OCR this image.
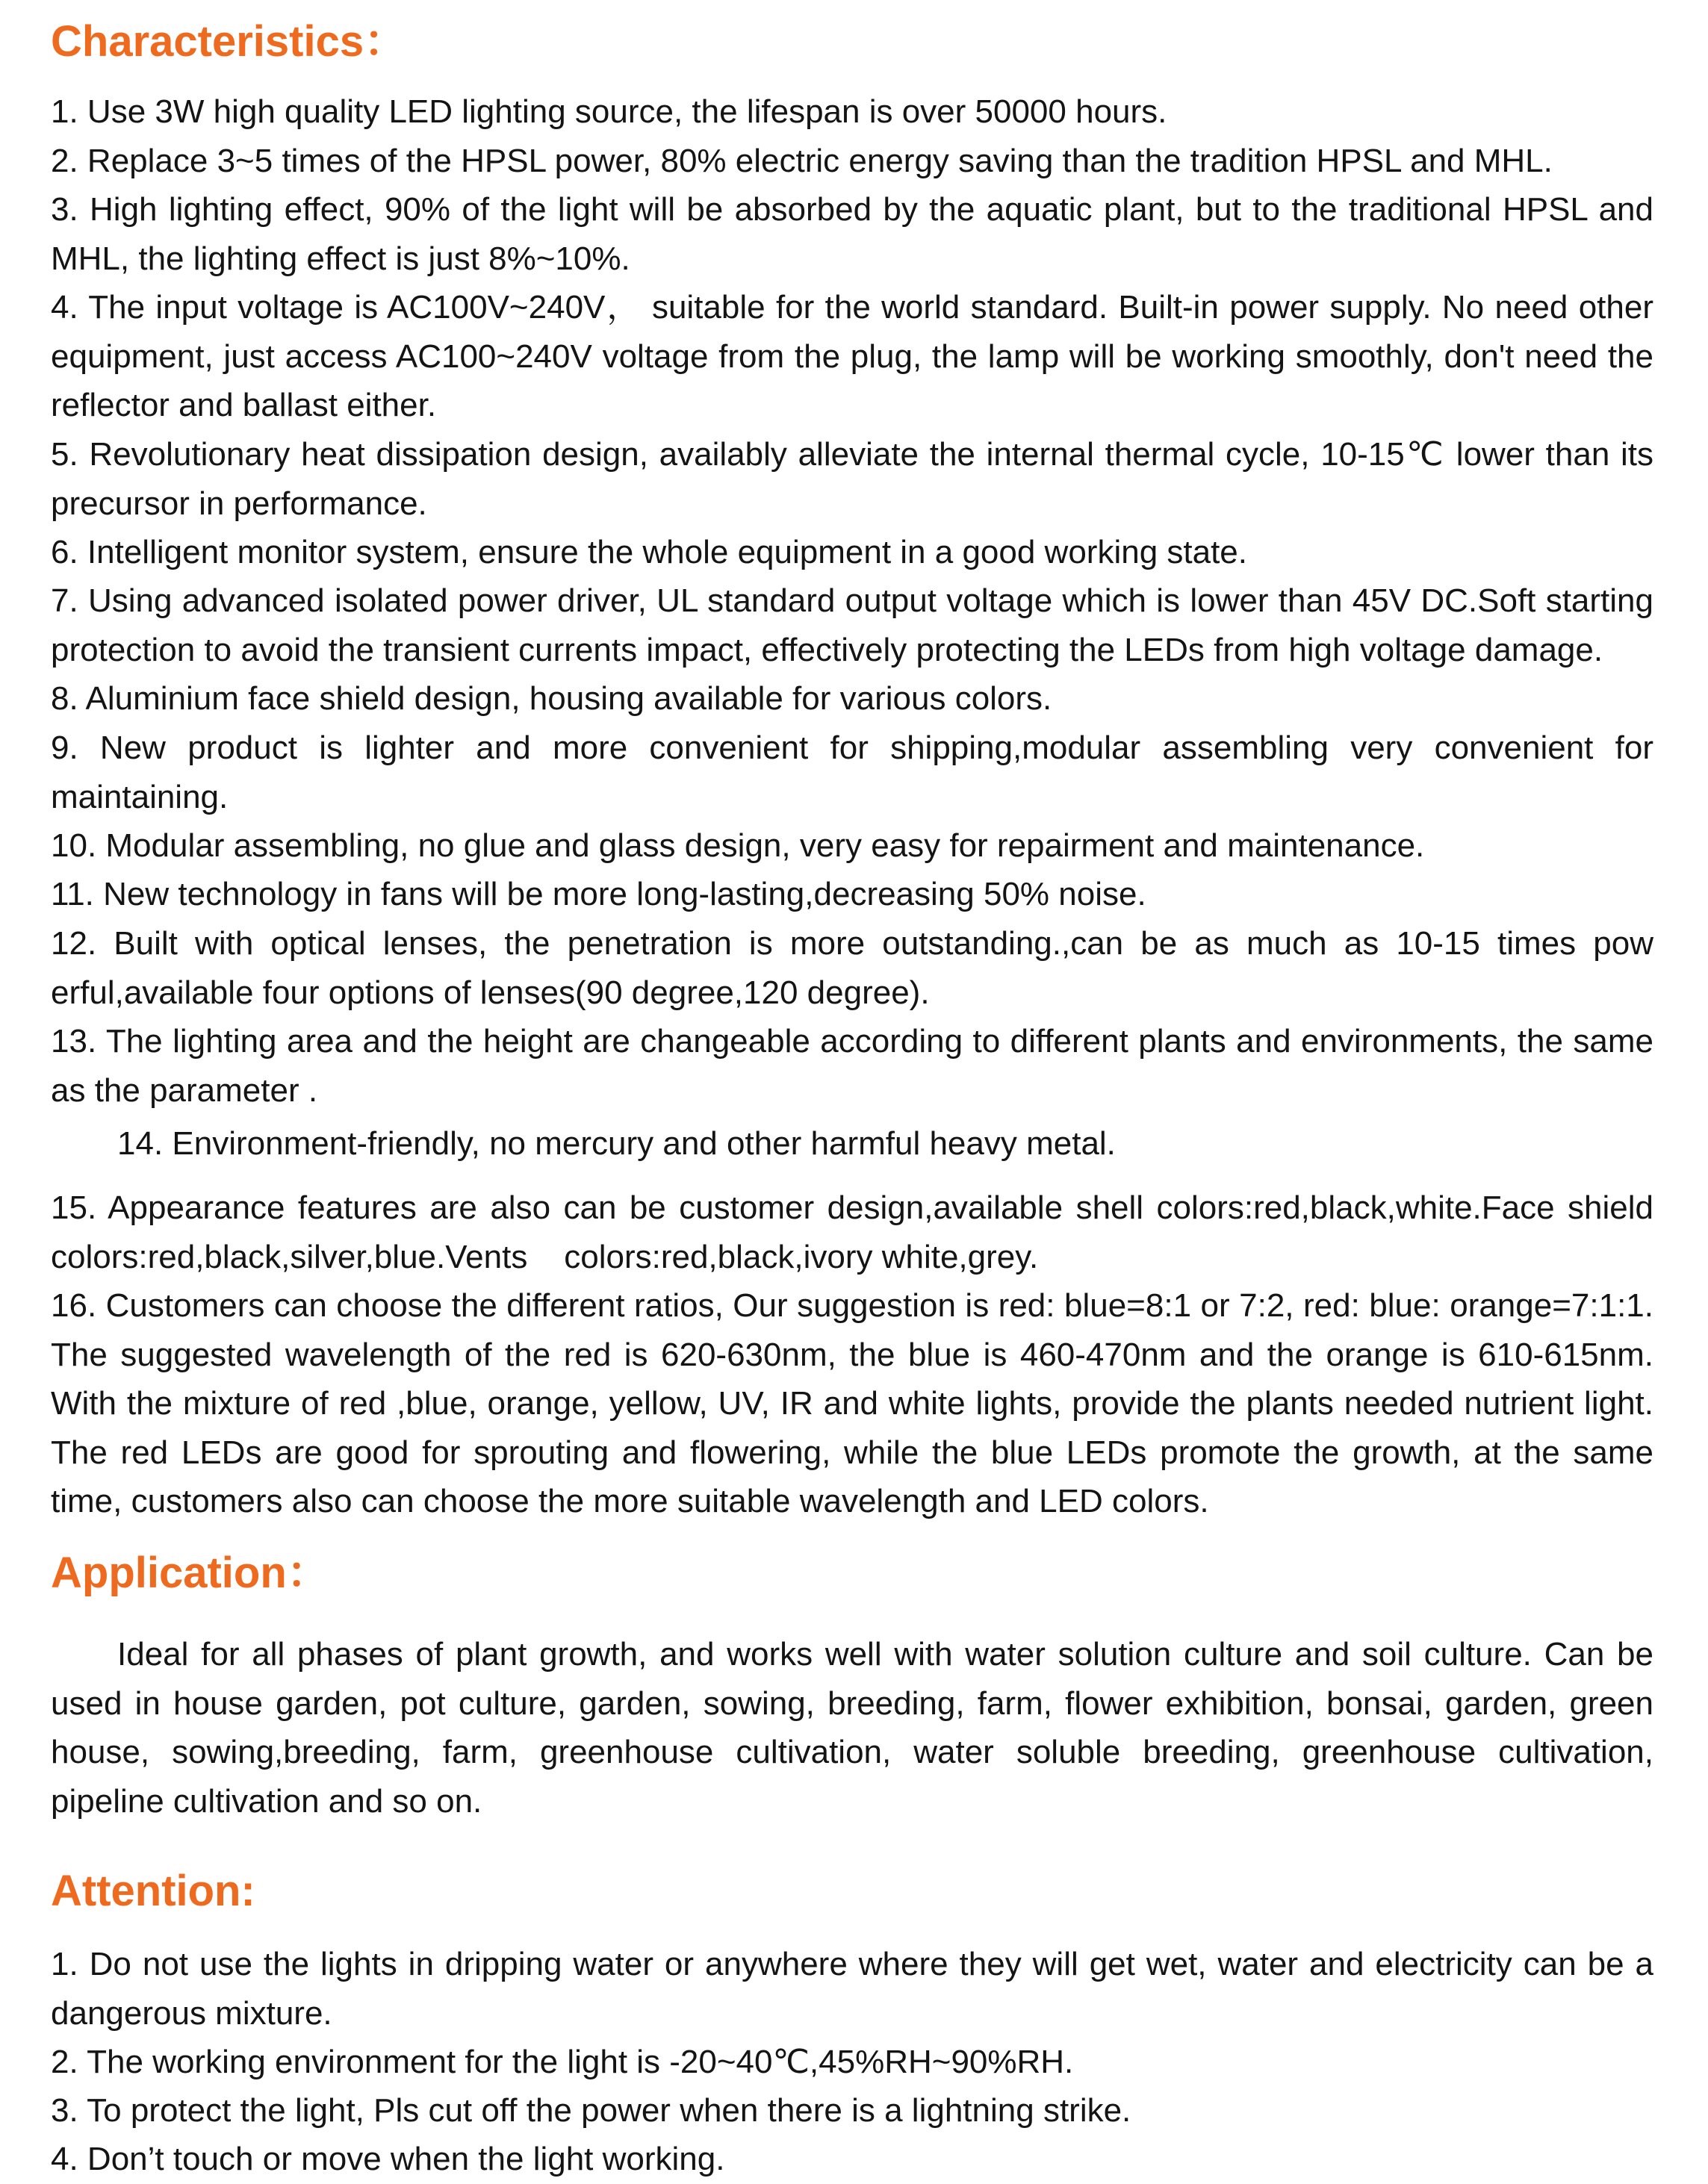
Characteristics：

1. Use 3W high quality LED lighting source, the lifespan is over 50000 hours.

2. Replace 3~5 times of the HPSL power, 80% electric energy saving than the tradition HPSL and MHL.

3. High lighting effect, 90% of the light will be absorbed by the aquatic plant, but to the traditional HPSL and MHL, the lighting effect is just 8%~10%.

4. The input voltage is AC100V~240V， suitable for the world standard. Built-in power supply. No need other equipment, just access AC100~240V voltage from the plug, the lamp will be working smoothly, don't need the reflector and ballast either.

5. Revolutionary heat dissipation design, availably alleviate the internal thermal cycle, 10-15℃ lower than its precursor in performance.

6. Intelligent monitor system, ensure the whole equipment in a good working state.

7. Using advanced isolated power driver, UL standard output voltage which is lower than 45V DC.Soft starting protection to avoid the transient currents impact, effectively protecting the LEDs from high voltage damage.

8. Aluminium face shield design, housing available for various colors.

9. New product is lighter and more convenient for shipping,modular assembling very convenient for maintaining.

10. Modular assembling, no glue and glass design, very easy for repairment and maintenance.

11. New technology in fans will be more long-lasting,decreasing 50% noise.

12. Built with optical lenses, the penetration is more outstanding.,can be as much as 10-15 times pow erful,available four options of lenses(90 degree,120 degree).

13. The lighting area and the height are changeable according to different plants and environments, the same as the parameter .

14. Environment-friendly, no mercury and other harmful heavy metal.

15. Appearance features are also can be customer design,available shell colors:red,black,white.Face shield colors:red,black,silver,blue.Vents    colors:red,black,ivory white,grey.

16. Customers can choose the different ratios, Our suggestion is red: blue=8:1 or 7:2, red: blue: orange=7:1:1. The suggested wavelength of the red is 620-630nm, the blue is 460-470nm and the orange is 610-615nm. With the mixture of red ,blue, orange, yellow, UV, IR and white lights, provide the plants needed nutrient light. The red LEDs are good for sprouting and flowering, while the blue LEDs promote the growth, at the same time, customers also can choose the more suitable wavelength and LED colors.

Application：

Ideal for all phases of plant growth, and works well with water solution culture and soil culture. Can be used in house garden, pot culture, garden, sowing, breeding, farm, flower exhibition, bonsai, garden, green house, sowing,breeding, farm, greenhouse cultivation, water soluble breeding, greenhouse cultivation, pipeline cultivation and so on.

Attention:

1. Do not use the lights in dripping water or anywhere where they will get wet, water and electricity can be a dangerous mixture.

2. The working environment for the light is -20~40℃,45%RH~90%RH.

3. To protect the light, Pls cut off the power when there is a lightning strike.

4. Don’t touch or move when the light working.
